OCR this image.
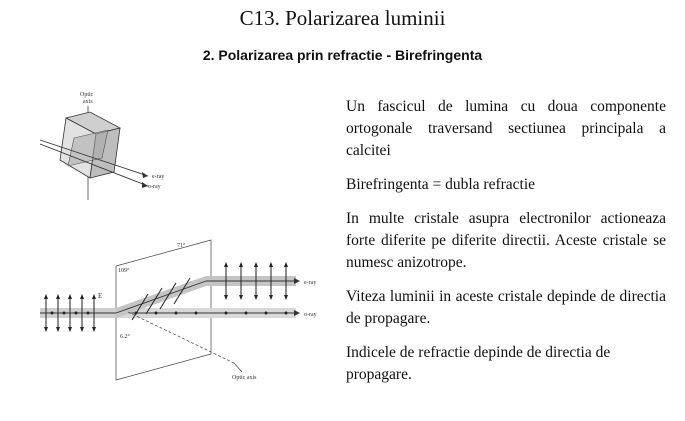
C13. Polarizarea luminii
2. Polarizarea prin refractie - Birefringenta
Optic
axis
e-ray
o-ray
71°
109°
6.2°
E
o-ray
e-ray
Optic axis

Un fascicul de lumina cu doua componente ortogonale traversand sectiunea principala a calcitei

Birefringenta = dubla refractie

In multe cristale asupra electronilor actioneaza forte diferite pe diferite directii. Aceste cristale se numesc anizotrope.

Viteza luminii in aceste cristale depinde de directia de propagare.

Indicele de refractie depinde de directia de propagare.
